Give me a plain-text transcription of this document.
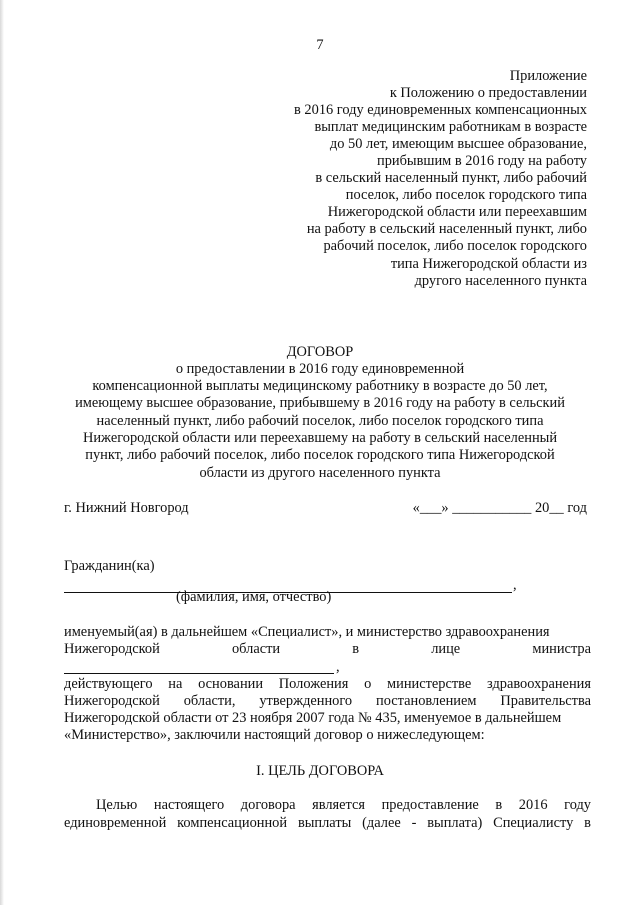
7
Приложение
к Положению о предоставлении
в 2016 году единовременных компенсационных
выплат медицинским работникам в возрасте
до 50 лет, имеющим высшее образование,
прибывшим в 2016 году на работу
в сельский населенный пункт, либо рабочий
поселок, либо поселок городского типа
Нижегородской области или переехавшим
на работу в сельский населенный пункт, либо
рабочий поселок, либо поселок городского
типа Нижегородской области из
другого населенного пункта
ДОГОВОР
о предоставлении в 2016 году единовременной
компенсационной выплаты медицинскому работнику в возрасте до 50 лет,
имеющему высшее образование, прибывшему в 2016 году на работу в сельский
населенный пункт, либо рабочий поселок, либо поселок городского типа
Нижегородской области или переехавшему на работу в сельский населенный
пункт, либо рабочий поселок, либо поселок городского типа Нижегородской
области из другого населенного пункта
г. Нижний Новгород	«___» ___________ 20__ год
Гражданин(ка)
,
(фамилия, имя, отчество)
именуемый(ая) в дальнейшем «Специалист», и министерство здравоохранения
Нижегородской	области	в	лице	министра
,
действующего на основании Положения о министерстве здравоохранения
Нижегородской области, утвержденного постановлением Правительства
Нижегородской области от 23 ноября 2007 года № 435, именуемое в дальнейшем
«Министерство», заключили настоящий договор о нижеследующем:
I. ЦЕЛЬ ДОГОВОРА
Целью настоящего договора является предоставление в 2016 году
единовременной компенсационной выплаты (далее - выплата) Специалисту в
